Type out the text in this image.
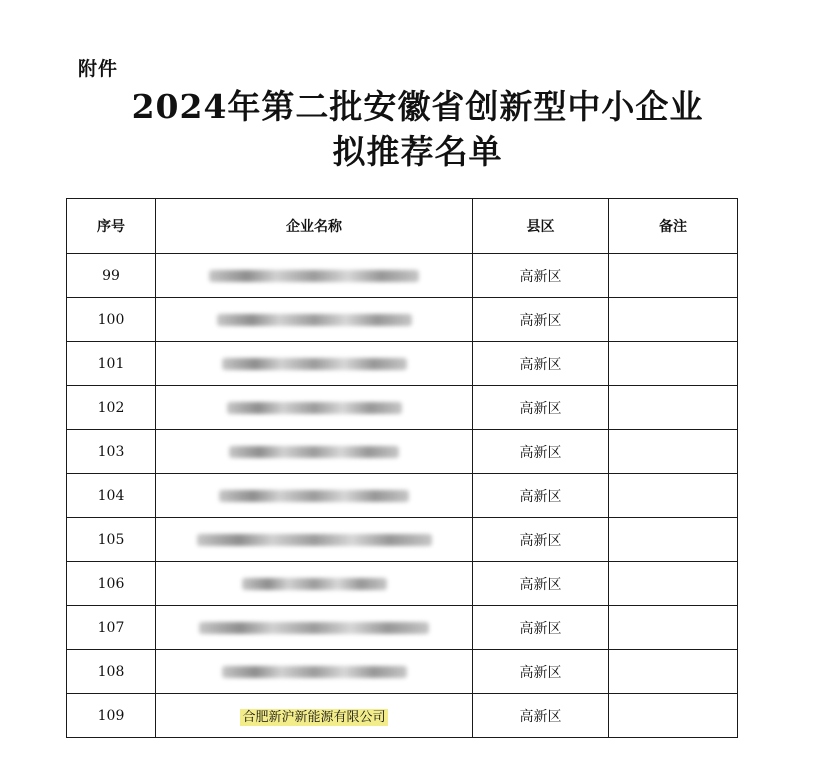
附件
2024年第二批安徽省创新型中小企业
拟推荐名单
序号	企业名称	县区	备注
99		高新区	
100		高新区	
101		高新区	
102		高新区	
103		高新区	
104		高新区	
105		高新区	
106		高新区	
107		高新区	
108		高新区	
109	合肥新沪新能源有限公司	高新区	
